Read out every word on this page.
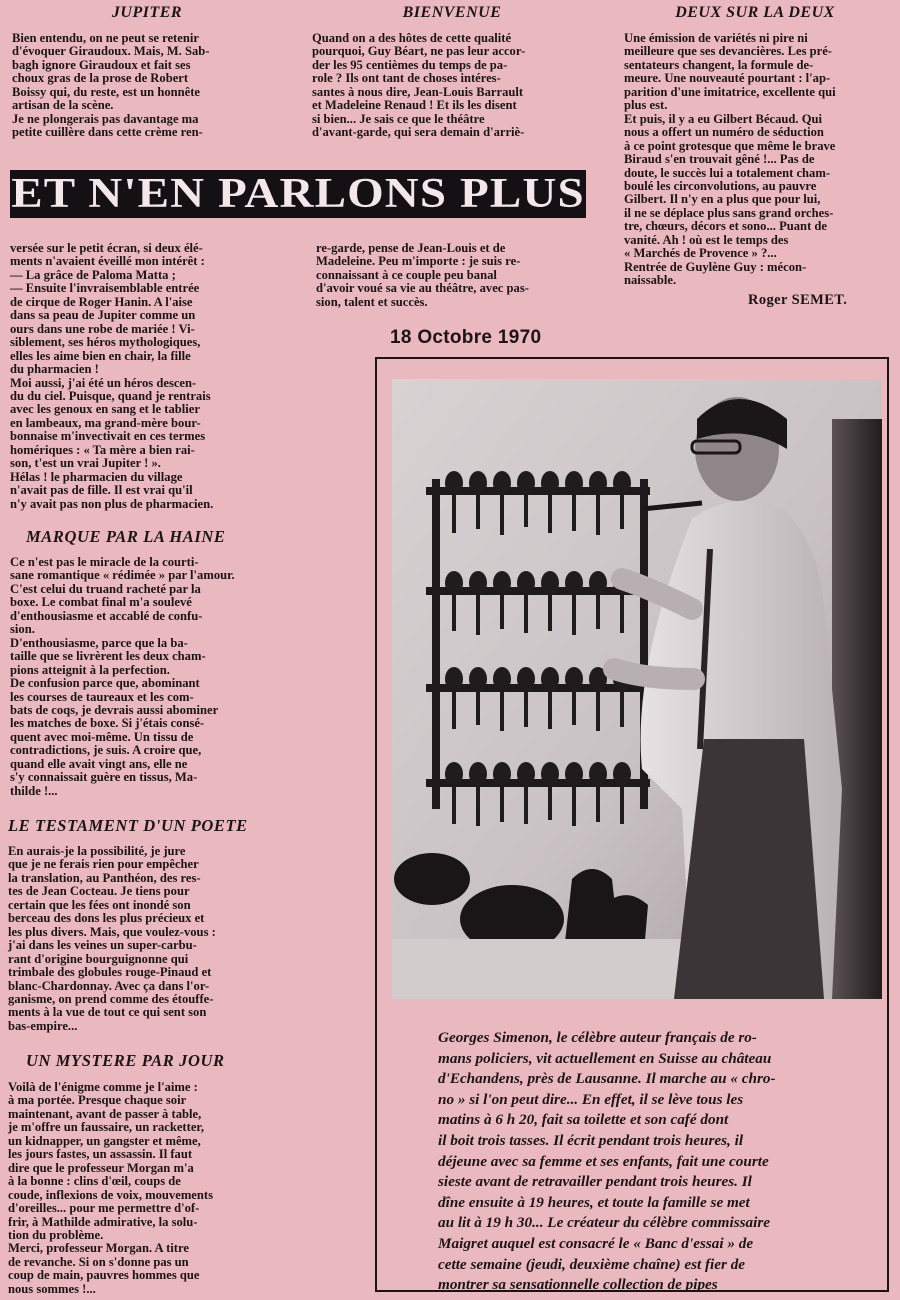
JUPITER

Bien entendu, on ne peut se retenir
d'évoquer Giraudoux. Mais, M. Sab-
bagh ignore Giraudoux et fait ses
choux gras de la prose de Robert
Boissy qui, du reste, est un honnête
artisan de la scène.
Je ne plongerais pas davantage ma
petite cuillère dans cette crème ren-

BIENVENUE

Quand on a des hôtes de cette qualité
pourquoi, Guy Béart, ne pas leur accor-
der les 95 centièmes du temps de pa-
role ? Ils ont tant de choses intéres-
santes à nous dire, Jean-Louis Barrault
et Madeleine Renaud ! Et ils les disent
si bien... Je sais ce que le théâtre
d'avant-garde, qui sera demain d'arriè-

DEUX SUR LA DEUX

Une émission de variétés ni pire ni
meilleure que ses devancières. Les pré-
sentateurs changent, la formule de-
meure. Une nouveauté pourtant : l'ap-
parition d'une imitatrice, excellente qui
plus est.
Et puis, il y a eu Gilbert Bécaud. Qui
nous a offert un numéro de séduction
à ce point grotesque que même le brave
Biraud s'en trouvait gêné !... Pas de
doute, le succès lui a totalement cham-
boulé les circonvolutions, au pauvre
Gilbert. Il n'y en a plus que pour lui,
il ne se déplace plus sans grand orches-
tre, chœurs, décors et sono... Puant de
vanité. Ah ! où est le temps des
« Marchés de Provence » ?...
Rentrée de Guylène Guy : mécon-
naissable.

Roger SEMET.
ET N'EN PARLONS PLUS

versée sur le petit écran, si deux élé-
ments n'avaient éveillé mon intérêt :
— La grâce de Paloma Matta ;
— Ensuite l'invraisemblable entrée
de cirque de Roger Hanin. A l'aise
dans sa peau de Jupiter comme un
ours dans une robe de mariée ! Vi-
siblement, ses héros mythologiques,
elles les aime bien en chair, la fille
du pharmacien !
Moi aussi, j'ai été un héros descen-
du du ciel. Puisque, quand je rentrais
avec les genoux en sang et le tablier
en lambeaux, ma grand-mère bour-
bonnaise m'invectivait en ces termes
homériques : « Ta mère a bien rai-
son, t'est un vrai Jupiter ! ».
Hélas ! le pharmacien du village
n'avait pas de fille. Il est vrai qu'il
n'y avait pas non plus de pharmacien.

re-garde, pense de Jean-Louis et de
Madeleine. Peu m'importe : je suis re-
connaissant à ce couple peu banal
d'avoir voué sa vie au théâtre, avec pas-
sion, talent et succès.

18 Octobre 1970
MARQUE PAR LA HAINE

Ce n'est pas le miracle de la courti-
sane romantique « rédimée » par l'amour.
C'est celui du truand racheté par la
boxe. Le combat final m'a soulevé
d'enthousiasme et accablé de confu-
sion.
D'enthousiasme, parce que la ba-
taille que se livrèrent les deux cham-
pions atteignit à la perfection.
De confusion parce que, abominant
les courses de taureaux et les com-
bats de coqs, je devrais aussi abominer
les matches de boxe. Si j'étais consé-
quent avec moi-même. Un tissu de
contradictions, je suis. A croire que,
quand elle avait vingt ans, elle ne
s'y connaissait guère en tissus, Ma-
thilde !...

LE TESTAMENT D'UN POETE

En aurais-je la possibilité, je jure
que je ne ferais rien pour empêcher
la translation, au Panthéon, des res-
tes de Jean Cocteau. Je tiens pour
certain que les fées ont inondé son
berceau des dons les plus précieux et
les plus divers. Mais, que voulez-vous :
j'ai dans les veines un super-carbu-
rant d'origine bourguignonne qui
trimbale des globules rouge-Pinaud et
blanc-Chardonnay. Avec ça dans l'or-
ganisme, on prend comme des étouffe-
ments à la vue de tout ce qui sent son
bas-empire...

UN MYSTERE PAR JOUR

Voilà de l'énigme comme je l'aime :
à ma portée. Presque chaque soir
maintenant, avant de passer à table,
je m'offre un faussaire, un racketter,
un kidnapper, un gangster et même,
les jours fastes, un assassin. Il faut
dire que le professeur Morgan m'a
à la bonne : clins d'œil, coups de
coude, inflexions de voix, mouvements
d'oreilles... pour me permettre d'of-
frir, à Mathilde admirative, la solu-
tion du problème.
Merci, professeur Morgan. A titre
de revanche. Si on s'donne pas un
coup de main, pauvres hommes que
nous sommes !...

Georges Simenon, le célèbre auteur français de ro-
mans policiers, vit actuellement en Suisse au château
d'Echandens, près de Lausanne. Il marche au « chro-
no » si l'on peut dire... En effet, il se lève tous les
matins à 6 h 20, fait sa toilette et son café dont
il boit trois tasses. Il écrit pendant trois heures, il
déjeune avec sa femme et ses enfants, fait une courte
sieste avant de retravailler pendant trois heures. Il
dîne ensuite à 19 heures, et toute la famille se met
au lit à 19 h 30... Le créateur du célèbre commissaire
Maigret auquel est consacré le « Banc d'essai » de
cette semaine (jeudi, deuxième chaîne) est fier de
montrer sa sensationnelle collection de pipes
